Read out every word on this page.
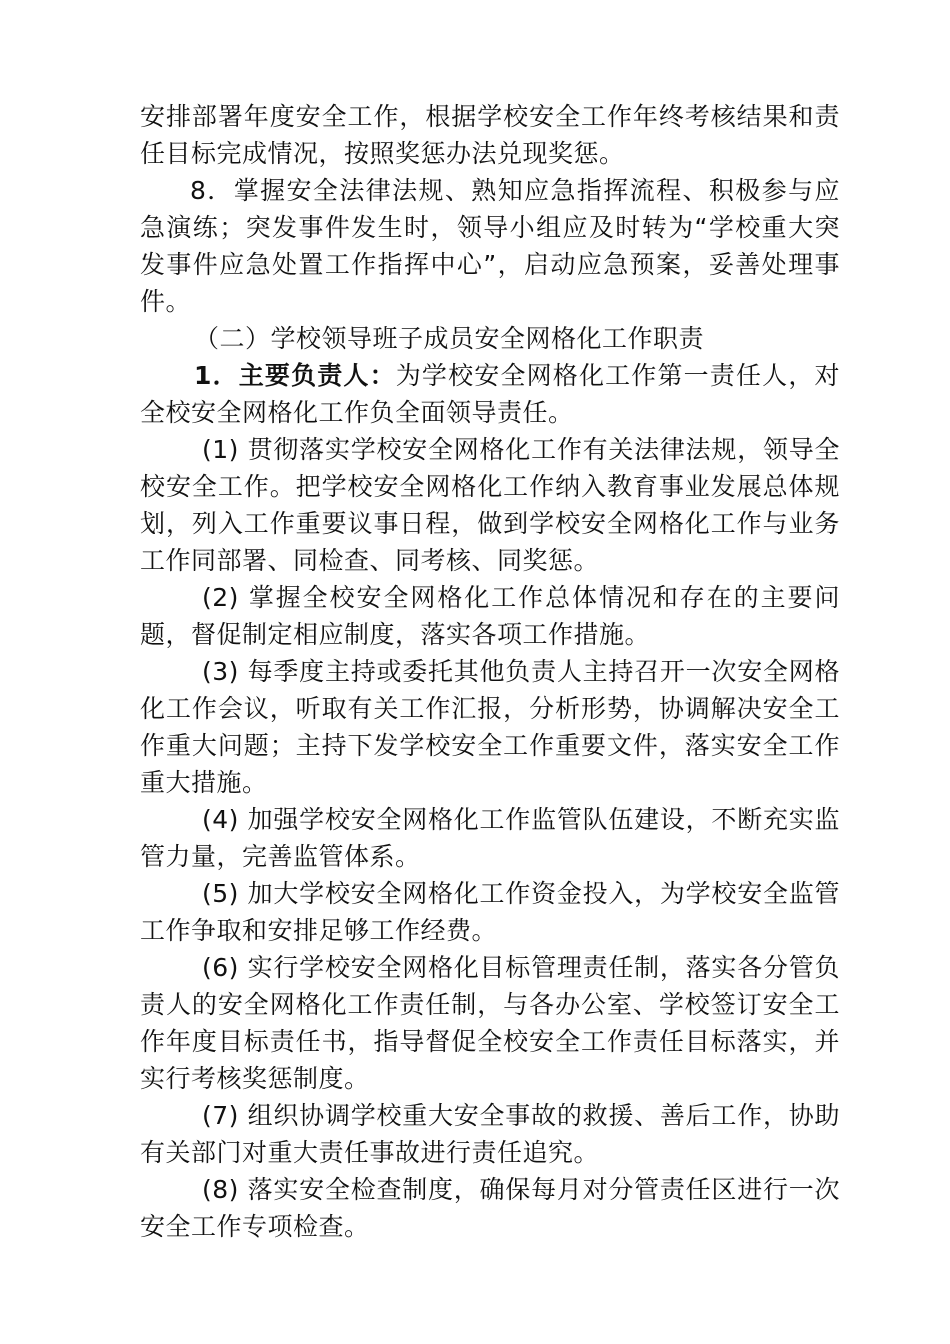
安排部署年度安全工作，根据学校安全工作年终考核结果和责任目标完成情况，按照奖惩办法兑现奖惩。

8．掌握安全法律法规、熟知应急指挥流程、积极参与应急演练；突发事件发生时，领导小组应及时转为“学校重大突发事件应急处置工作指挥中心”，启动应急预案，妥善处理事件。

（二）学校领导班子成员安全网格化工作职责

1．主要负责人：为学校安全网格化工作第一责任人，对全校安全网格化工作负全面领导责任。

(1) 贯彻落实学校安全网格化工作有关法律法规，领导全校安全工作。把学校安全网格化工作纳入教育事业发展总体规划，列入工作重要议事日程，做到学校安全网格化工作与业务工作同部署、同检查、同考核、同奖惩。

(2) 掌握全校安全网格化工作总体情况和存在的主要问题，督促制定相应制度，落实各项工作措施。

(3) 每季度主持或委托其他负责人主持召开一次安全网格化工作会议，听取有关工作汇报，分析形势，协调解决安全工作重大问题；主持下发学校安全工作重要文件，落实安全工作重大措施。

(4) 加强学校安全网格化工作监管队伍建设，不断充实监管力量，完善监管体系。

(5) 加大学校安全网格化工作资金投入，为学校安全监管工作争取和安排足够工作经费。

(6) 实行学校安全网格化目标管理责任制，落实各分管负责人的安全网格化工作责任制，与各办公室、学校签订安全工作年度目标责任书，指导督促全校安全工作责任目标落实，并实行考核奖惩制度。

(7) 组织协调学校重大安全事故的救援、善后工作，协助有关部门对重大责任事故进行责任追究。

(8) 落实安全检查制度，确保每月对分管责任区进行一次安全工作专项检查。
